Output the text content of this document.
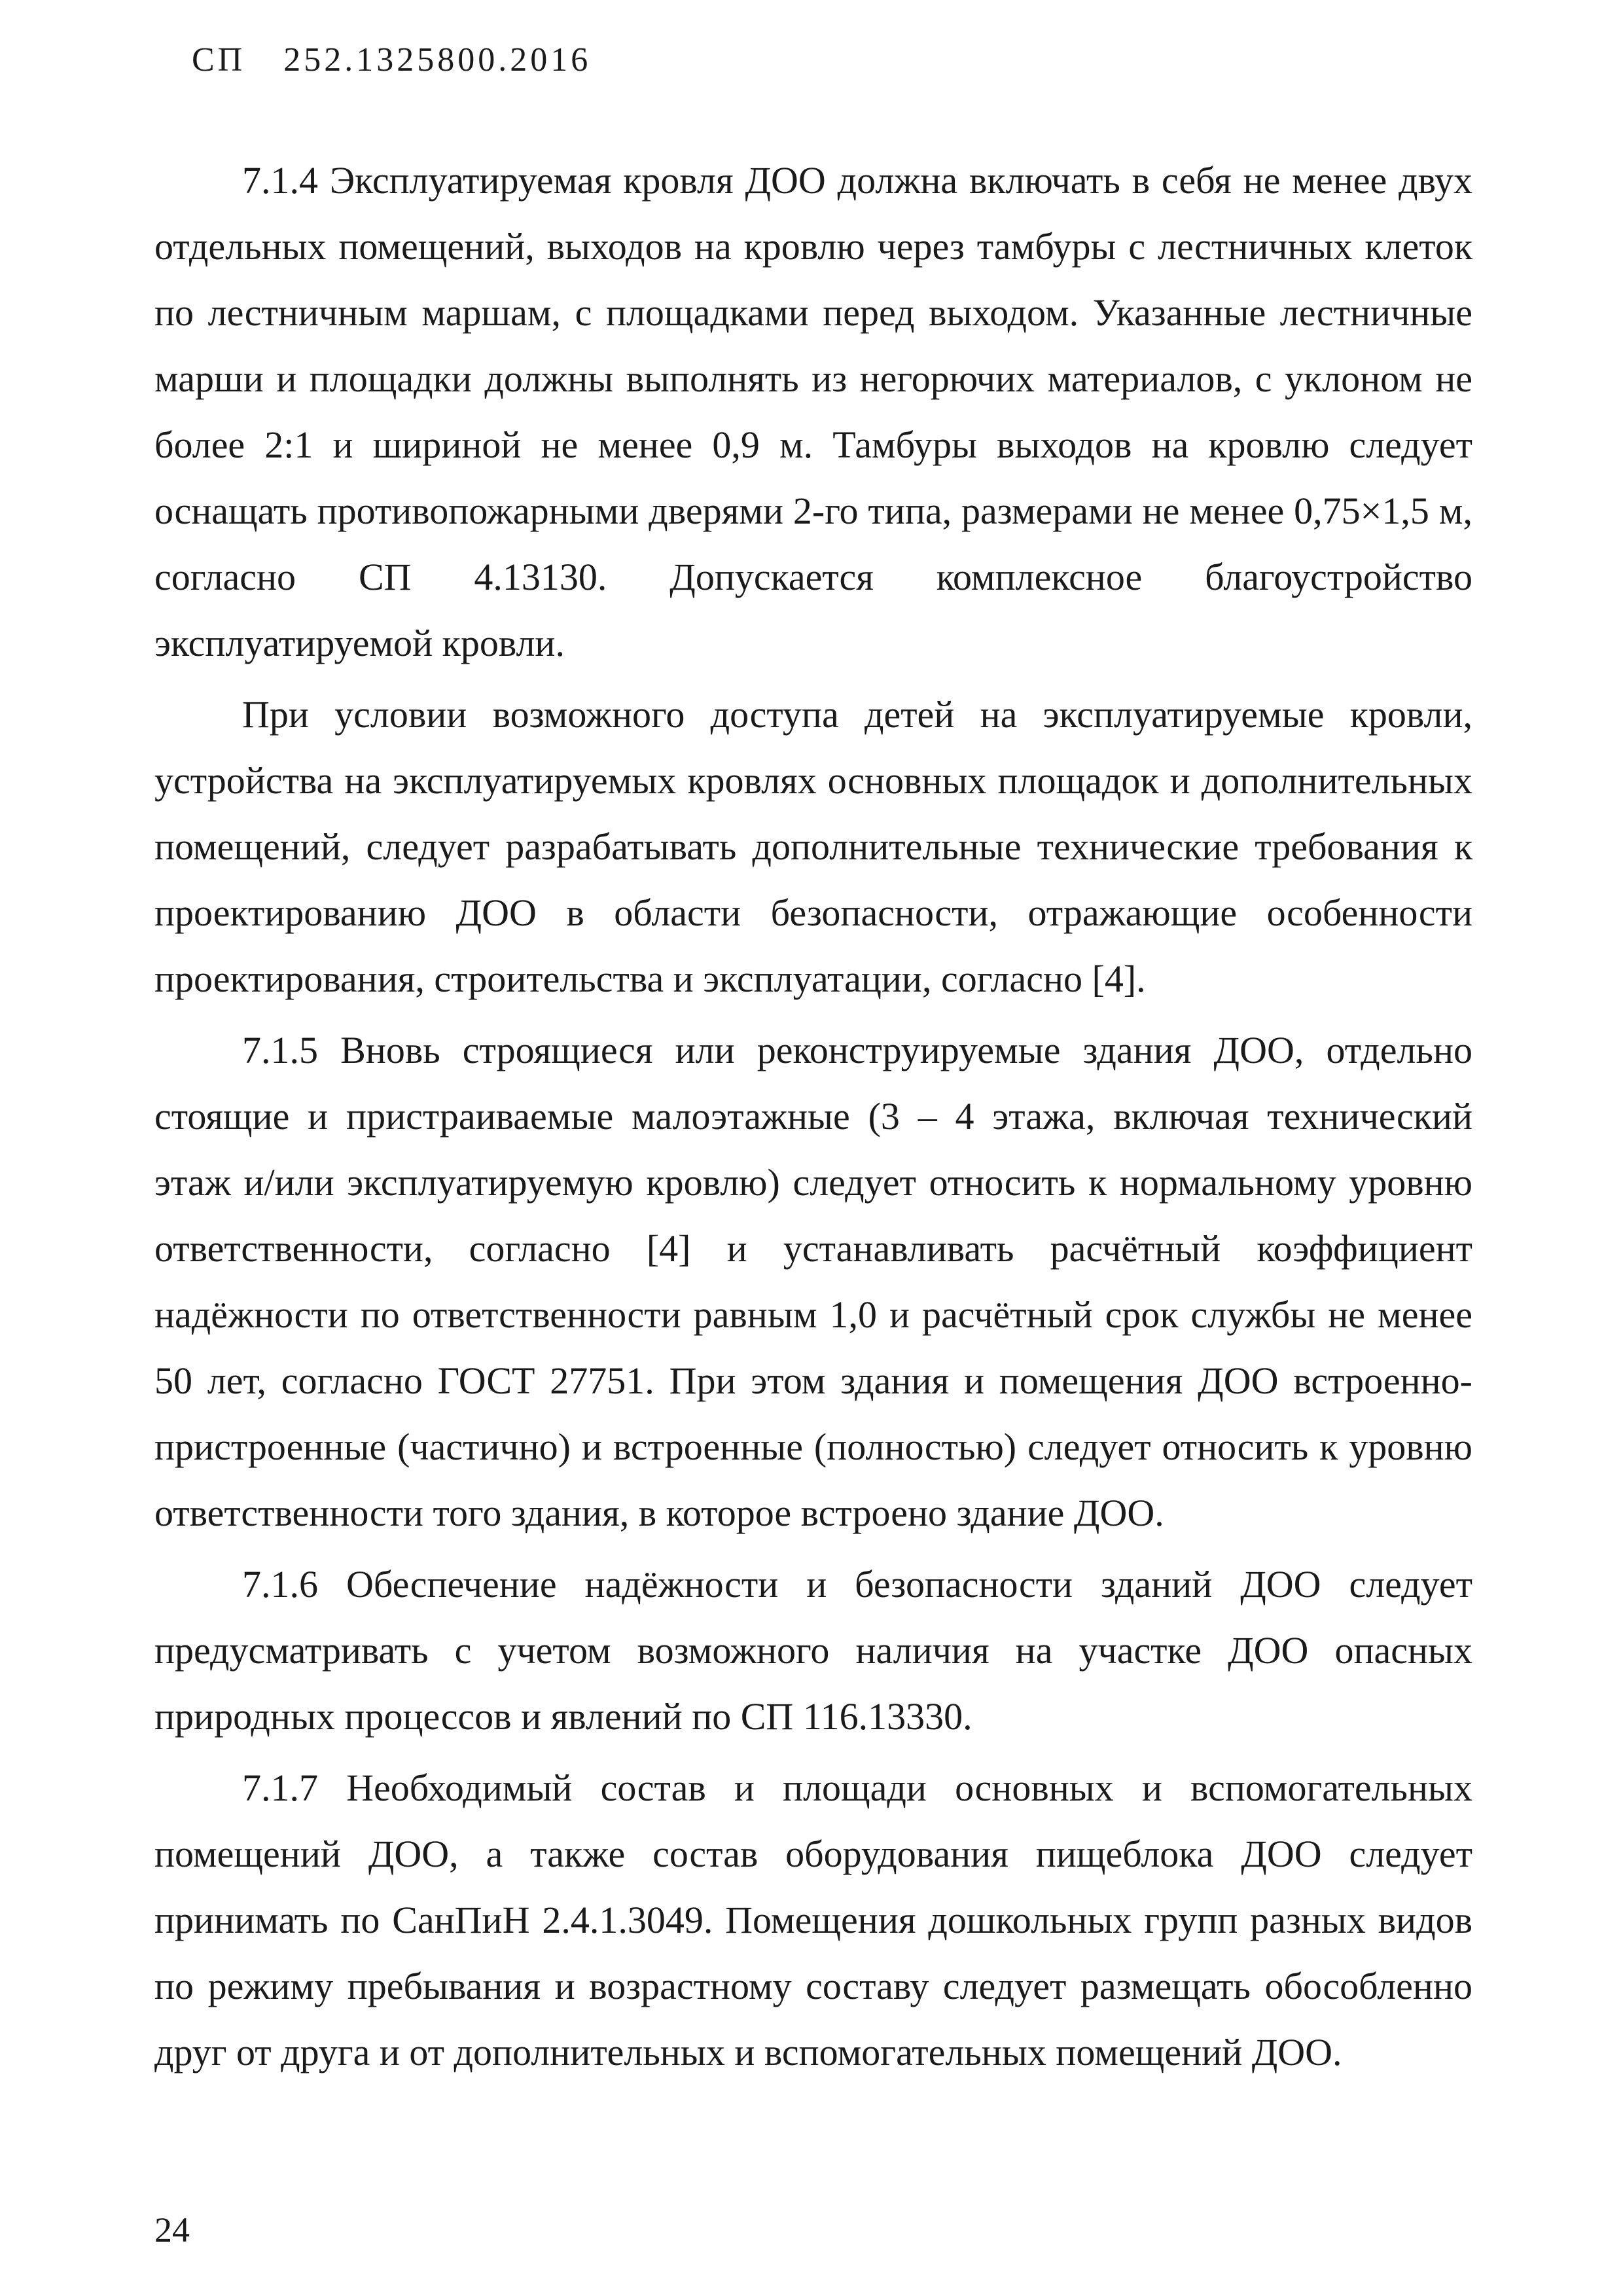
СП 252.1325800.2016

7.1.4 Эксплуатируемая кровля ДОО должна включать в себя не менее двух отдельных помещений, выходов на кровлю через тамбуры с лестничных клеток по лестничным маршам, с площадками перед выходом. Указанные лестничные марши и площадки должны выполнять из негорючих материалов, с уклоном не более 2:1 и шириной не менее 0,9 м. Тамбуры выходов на кровлю следует оснащать противопожарными дверями 2-го типа, размерами не менее 0,75×1,5 м, согласно СП 4.13130. Допускается комплексное благоустройство эксплуатируемой кровли.

При условии возможного доступа детей на эксплуатируемые кровли, устройства на эксплуатируемых кровлях основных площадок и дополнительных помещений, следует разрабатывать дополнительные технические требования к проектированию ДОО в области безопасности, отражающие особенности проектирования, строительства и эксплуатации, согласно [4].

7.1.5 Вновь строящиеся или реконструируемые здания ДОО, отдельно стоящие и пристраиваемые малоэтажные (3 – 4 этажа, включая технический этаж и/или эксплуатируемую кровлю) следует относить к нормальному уровню ответственности, согласно [4] и устанавливать расчётный коэффициент надёжности по ответственности равным 1,0 и расчётный срок службы не менее 50 лет, согласно ГОСТ 27751. При этом здания и помещения ДОО встроенно-пристроенные (частично) и встроенные (полностью) следует относить к уровню ответственности того здания, в которое встроено здание ДОО.

7.1.6 Обеспечение надёжности и безопасности зданий ДОО следует предусматривать с учетом возможного наличия на участке ДОО опасных природных процессов и явлений по СП 116.13330.

7.1.7 Необходимый состав и площади основных и вспомогательных помещений ДОО, а также состав оборудования пищеблока ДОО следует принимать по СанПиН 2.4.1.3049. Помещения дошкольных групп разных видов по режиму пребывания и возрастному составу следует размещать обособленно друг от друга и от дополнительных и вспомогательных помещений ДОО.

24
